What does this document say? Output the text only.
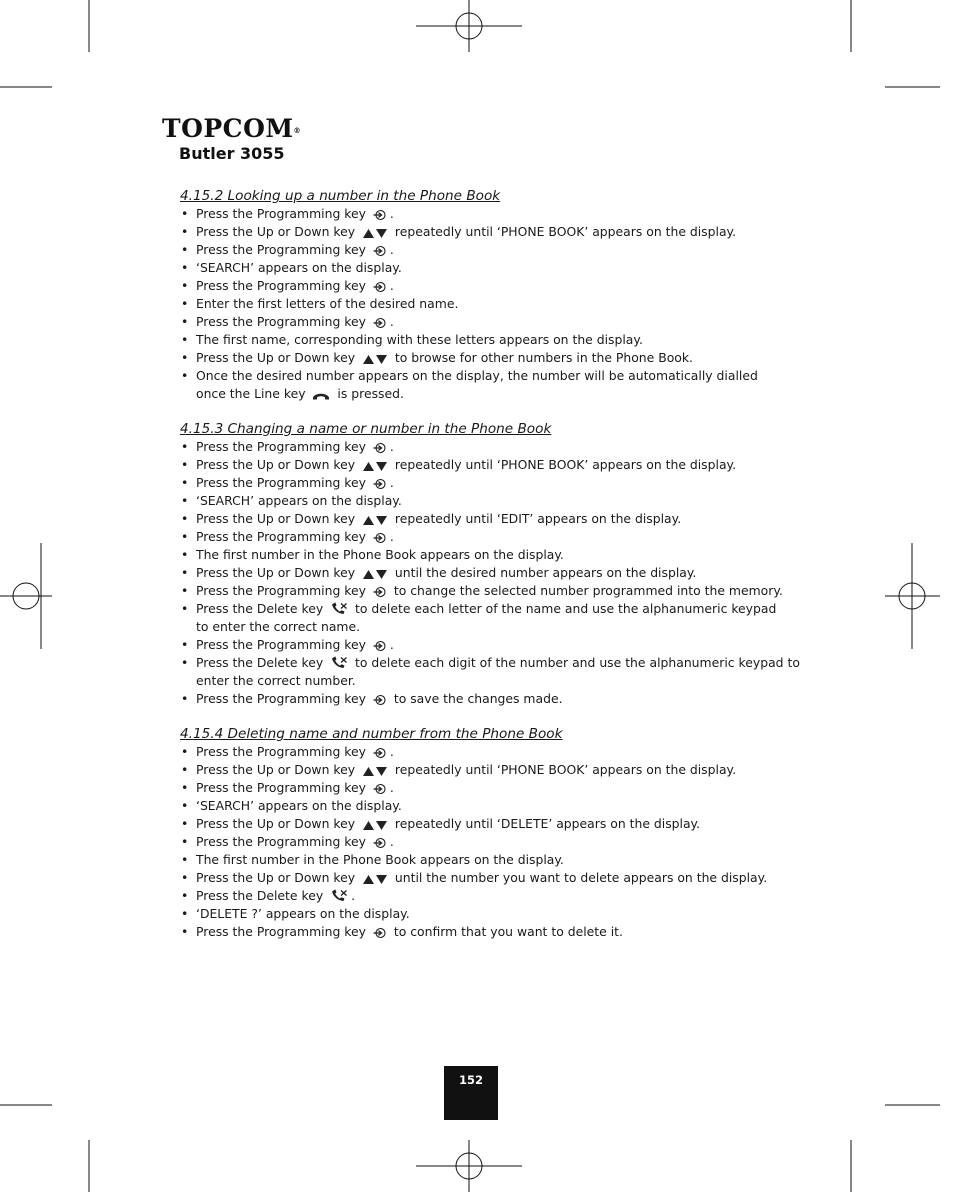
TOPCOM®
Butler 3055
4.15.2 Looking up a number in the Phone Book
• Press the Programming key
.
• Press the Up or Down key	repeatedly until ‘PHONE BOOK’ appears on the display.
• Press the Programming key
.
• ‘SEARCH’ appears on the display.
• Press the Programming key
.
• Enter the first letters of the desired name.
• Press the Programming key
.
• The first name, corresponding with these letters appears on the display.
• Press the Up or Down key	to browse for other numbers in the Phone Book.
• Once the desired number appears on the display, the number will be automatically dialled
once the Line key
is pressed.
4.15.3 Changing a name or number in the Phone Book
• Press the Programming key
.
• Press the Up or Down key	repeatedly until ‘PHONE BOOK’ appears on the display.
• Press the Programming key
.
• ‘SEARCH’ appears on the display.
• Press the Up or Down key	repeatedly until ‘EDIT’ appears on the display.
• Press the Programming key
.
• The first number in the Phone Book appears on the display.
• Press the Up or Down key	until the desired number appears on the display.
• Press the Programming key
to change the selected number programmed into the memory.
• Press the Delete key
to delete each letter of the name and use the alphanumeric keypad
to enter the correct name.
• Press the Programming key
.
• Press the Delete key
to delete each digit of the number and use the alphanumeric keypad to
enter the correct number.
• Press the Programming key
to save the changes made.
4.15.4 Deleting name and number from the Phone Book
• Press the Programming key
.
• Press the Up or Down key	repeatedly until ‘PHONE BOOK’ appears on the display.
• Press the Programming key
.
• ‘SEARCH’ appears on the display.
• Press the Up or Down key	repeatedly until ‘DELETE’ appears on the display.
• Press the Programming key
.
• The first number in the Phone Book appears on the display.
• Press the Up or Down key	until the number you want to delete appears on the display.
• Press the Delete key
.
• ‘DELETE ?’ appears on the display.
• Press the Programming key
to confirm that you want to delete it.
152
